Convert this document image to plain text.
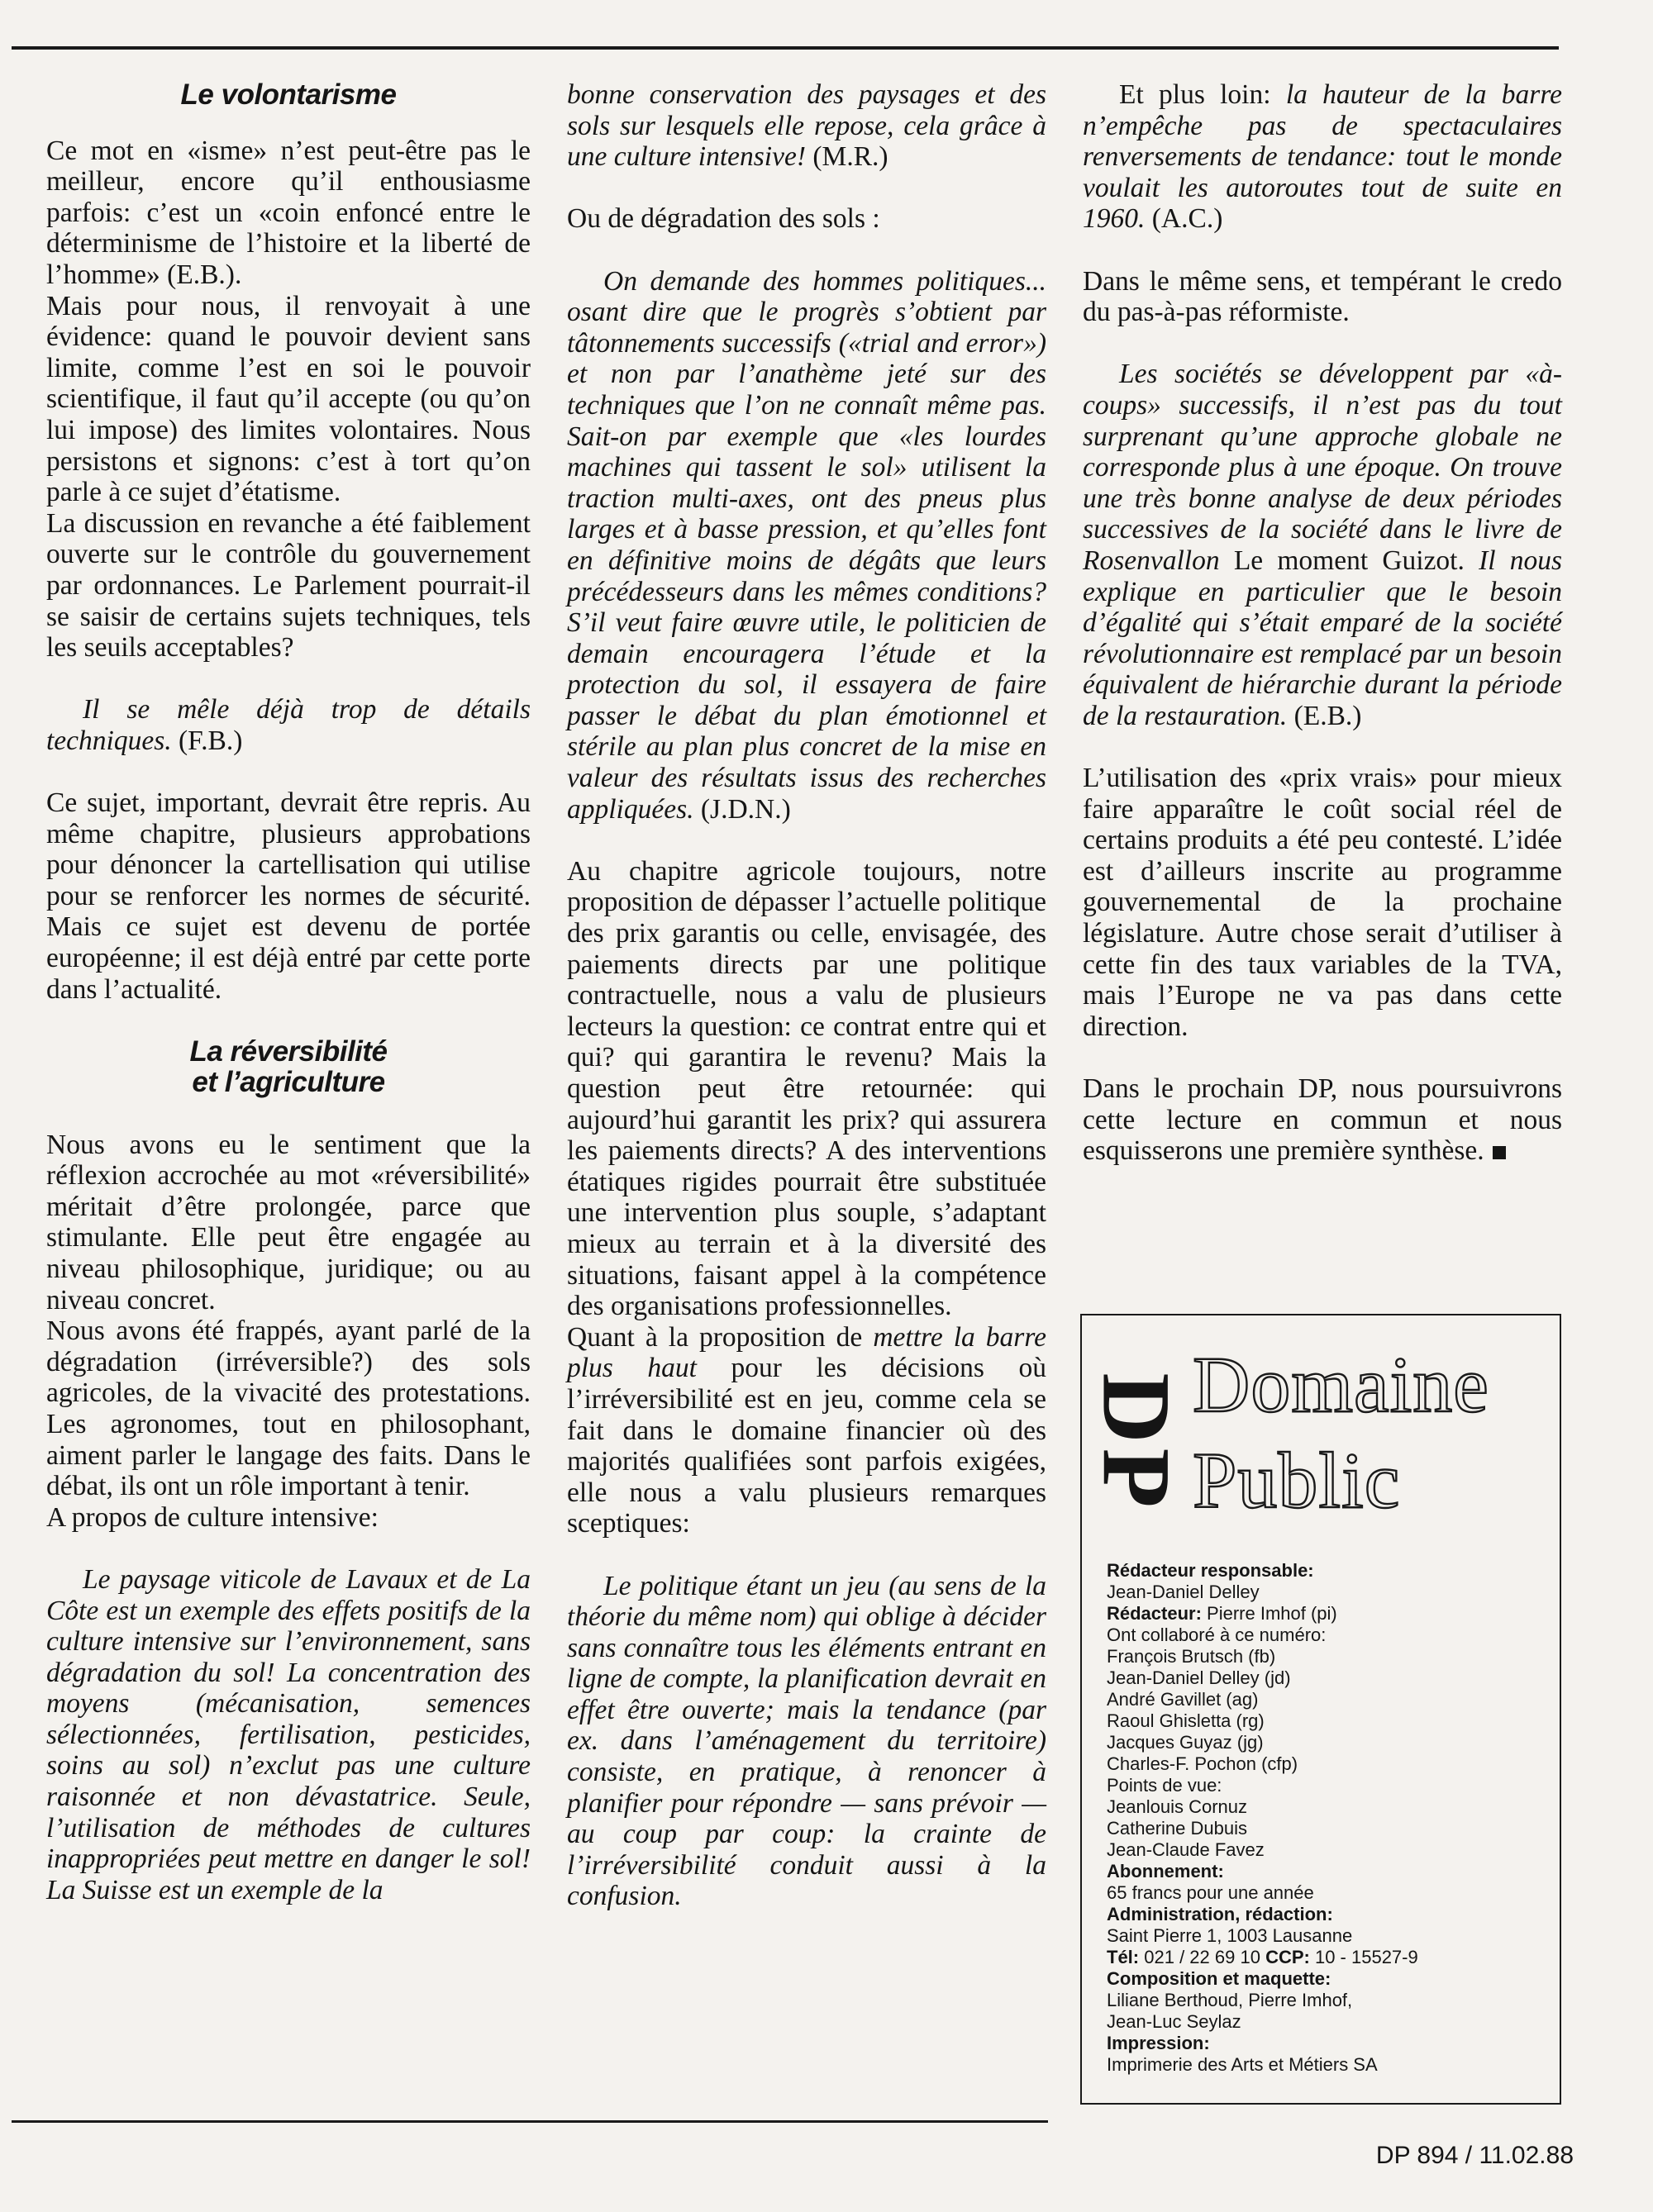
Le volontarisme

Ce mot en «isme» n’est peut-être pas le meilleur, encore qu’il enthousiasme parfois: c’est un «coin enfoncé entre le déterminisme de l’histoire et la liberté de l’homme» (E.B.).

Mais pour nous, il renvoyait à une évidence: quand le pouvoir devient sans limite, comme l’est en soi le pouvoir scientifique, il faut qu’il accepte (ou qu’on lui impose) des limites volontaires. Nous persistons et signons: c’est à tort qu’on parle à ce sujet d’étatisme.

La discussion en revanche a été faiblement ouverte sur le contrôle du gouvernement par ordonnances. Le Parlement pourrait-il se saisir de certains sujets techniques, tels les seuils acceptables?

Il se mêle déjà trop de détails techniques. (F.B.)

Ce sujet, important, devrait être repris. Au même chapitre, plusieurs approbations pour dénoncer la cartellisation qui utilise pour se renforcer les normes de sécurité. Mais ce sujet est devenu de portée européenne; il est déjà entré par cette porte dans l’actualité.

La réversibilité
et l’agriculture

Nous avons eu le sentiment que la réflexion accrochée au mot «réversibilité» méritait d’être prolongée, parce que stimulante. Elle peut être engagée au niveau philosophique, juridique; ou au niveau concret.

Nous avons été frappés, ayant parlé de la dégradation (irréversible?) des sols agricoles, de la vivacité des protestations. Les agronomes, tout en philosophant, aiment parler le langage des faits. Dans le débat, ils ont un rôle important à tenir.

A propos de culture intensive:

Le paysage viticole de Lavaux et de La Côte est un exemple des effets positifs de la culture intensive sur l’environnement, sans dégradation du sol! La concentration des moyens (mécanisation, semences sélectionnées, fertilisation, pesticides, soins au sol) n’exclut pas une culture raisonnée et non dévastatrice. Seule, l’utilisation de méthodes de cultures inappropriées peut mettre en danger le sol! La Suisse est un exemple de la

bonne conservation des paysages et des sols sur lesquels elle repose, cela grâce à une culture intensive! (M.R.)

Ou de dégradation des sols :

On demande des hommes politiques... osant dire que le progrès s’obtient par tâtonnements successifs («trial and error») et non par l’anathème jeté sur des techniques que l’on ne connaît même pas. Sait-on par exemple que «les lourdes machines qui tassent le sol» utilisent la traction multi-axes, ont des pneus plus larges et à basse pression, et qu’elles font en définitive moins de dégâts que leurs précédesseurs dans les mêmes conditions? S’il veut faire œuvre utile, le politicien de demain encouragera l’étude et la protection du sol, il essayera de faire passer le débat du plan émotionnel et stérile au plan plus concret de la mise en valeur des résultats issus des recherches appliquées. (J.D.N.)

Au chapitre agricole toujours, notre proposition de dépasser l’actuelle politique des prix garantis ou celle, envisagée, des paiements directs par une politique contractuelle, nous a valu de plusieurs lecteurs la question: ce contrat entre qui et qui? qui garantira le revenu? Mais la question peut être retournée: qui aujourd’hui garantit les prix? qui assurera les paiements directs? A des interventions étatiques rigides pourrait être substituée une intervention plus souple, s’adaptant mieux au terrain et à la diversité des situations, faisant appel à la compétence des organisations professionnelles.

Quant à la proposition de mettre la barre plus haut pour les décisions où l’irréversibilité est en jeu, comme cela se fait dans le domaine financier où des majorités qualifiées sont parfois exigées, elle nous a valu plusieurs remarques sceptiques:

Le politique étant un jeu (au sens de la théorie du même nom) qui oblige à décider sans connaître tous les éléments entrant en ligne de compte, la planification devrait en effet être ouverte; mais la tendance (par ex. dans l’aménagement du territoire) consiste, en pratique, à renoncer à planifier pour répondre — sans prévoir — au coup par coup: la crainte de l’irréversibilité conduit aussi à la confusion.

Et plus loin: la hauteur de la barre n’empêche pas de spectaculaires renversements de tendance: tout le monde voulait les autoroutes tout de suite en 1960. (A.C.)

Dans le même sens, et tempérant le credo du pas-à-pas réformiste.

Les sociétés se développent par «à-coups» successifs, il n’est pas du tout surprenant qu’une approche globale ne corresponde plus à une époque. On trouve une très bonne analyse de deux périodes successives de la société dans le livre de Rosenvallon Le moment Guizot. Il nous explique en particulier que le besoin d’égalité qui s’était emparé de la société révolutionnaire est remplacé par un besoin équivalent de hiérarchie durant la période de la restauration. (E.B.)

L’utilisation des «prix vrais» pour mieux faire apparaître le coût social réel de certains produits a été peu contesté. L’idée est d’ailleurs inscrite au programme gouvernemental de la prochaine législature. Autre chose serait d’utiliser à cette fin des taux variables de la TVA, mais l’Europe ne va pas dans cette direction.

Dans le prochain DP, nous poursuivrons cette lecture en commun et nous esquisserons une première synthèse.

DP Domaine
Public
Rédacteur responsable:
Jean-Daniel Delley
Rédacteur: Pierre Imhof (pi)
Ont collaboré à ce numéro:
François Brutsch (fb)
Jean-Daniel Delley (jd)
André Gavillet (ag)
Raoul Ghisletta (rg)
Jacques Guyaz (jg)
Charles-F. Pochon (cfp)
Points de vue:
Jeanlouis Cornuz
Catherine Dubuis
Jean-Claude Favez
Abonnement:
65 francs pour une année
Administration, rédaction:
Saint Pierre 1, 1003 Lausanne
Tél: 021 / 22 69 10 CCP: 10 - 15527-9
Composition et maquette:
Liliane Berthoud, Pierre Imhof,
Jean-Luc Seylaz
Impression:
Imprimerie des Arts et Métiers SA
DP 894 / 11.02.88
